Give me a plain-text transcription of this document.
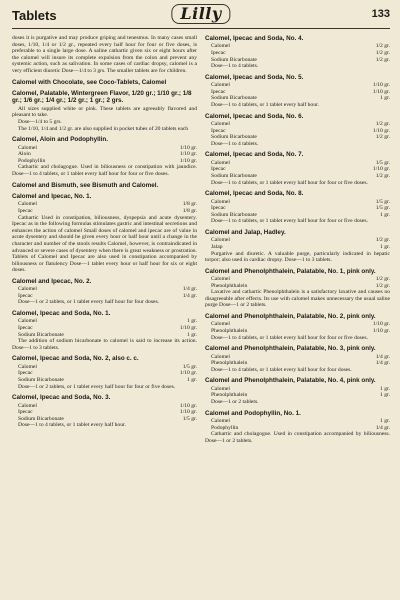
Tablets	Lilly	133
doses it is purgative and may produce griping and tenesmus. In many cases small doses, 1/10, 1/4 or 1/2 gr., repeated every half hour for four or five doses, is preferable to a single large dose. A saline cathartic given six or eight hours after the calomel will insure its complete expulsion from the colon and prevent any systemic action, such as salivation. In some cases of cardiac dropsy, calomel is a very efficient diuretic Dose—1/4 to 3 grs. The smaller tablets are for children.
Calomel with Chocolate, see Coco-Tablets, Calomel
Calomel, Palatable, Wintergreen Flavor, 1/20 gr.; 1/10 gr.; 1/8 gr.; 1/6 gr.; 1/4 gr.; 1/2 gr.; 1 gr.; 2 grs.
All sizes supplied white or pink. These tablets are agreeably flavored and pleasant to take.
Dose—1/4 to 5 grs.
The 1/10, 1/4 and 1/2 gr. are also supplied in pocket tubes of 20 tablets each
Calomel, Aloin and Podophyllin.
Calomel	1/10 gr.
Aloin	1/10 gr.
Podophyllin	1/10 gr.
Cathartic and cholagogue. Used in biliousness or constipation with jaundice. Dose—1 to 4 tablets, or 1 tablet every half hour for four or five doses.
Calomel and Bismuth, see Bismuth and Calomel.
Calomel and Ipecac, No. 1.
Calomel	1/8 gr.
Ipecac	1/8 gr.
Cathartic Used in constipation, biliousness, dyspepsia and acute dysentery. Ipecac as in the following formulas stimulates gastric and intestinal secretions and enhances the action of calomel Small doses of calomel and ipecac are of value in acute dysentery and should be given every hour or half hour until a change in the character and number of the stools results Calomel, however, is contraindicated in advanced or severe cases of dysentery when there is great weakness or prostration. Tablets of Calomel and Ipecac are also used in constipation accompanied by biliousness or flatulency Dose—1 tablet every hour or half hour for six or eight doses.
Calomel and Ipecac, No. 2.
Calomel	1/4 gr.
Ipecac	1/4 gr.
Dose—1 or 2 tablets, or 1 tablet every half hour for four doses.
Calomel, Ipecac and Soda, No. 1.
Calomel	1 gr.
Ipecac	1/10 gr.
Sodium Bicarbonate	1 gr.
The addition of sodium bicarbonate to calomel is said to increase its action. Dose—1 to 3 tablets.
Calomel, Ipecac and Soda, No. 2, also c. c.
Calomel	1/5 gr.
Ipecac	1/10 gr.
Sodium Bicarbonate	1 gr.
Dose—1 or 2 tablets, or 1 tablet every half hour for four or five doses.
Calomel, Ipecac and Soda, No. 3.
Calomel	1/10 gr.
Ipecac	1/10 gr.
Sodium Bicarbonate	1/5 gr.
Dose—1 to 4 tablets, or 1 tablet every half hour.
Calomel, Ipecac and Soda, No. 4.
Calomel	1/2 gr.
Ipecac	1/2 gr.
Sodium Bicarbonate	1/2 gr.
Dose—1 to 4 tablets.
Calomel, Ipecac and Soda, No. 5.
Calomel	1/10 gr.
Ipecac	1/10 gr.
Sodium Bicarbonate	1 gr.
Dose—1 to 4 tablets, or 1 tablet every half hour.
Calomel, Ipecac and Soda, No. 6.
Calomel	1/2 gr.
Ipecac	1/10 gr.
Sodium Bicarbonate	1/2 gr.
Dose—1 to 4 tablets.
Calomel, Ipecac and Soda, No. 7.
Calomel	1/5 gr.
Ipecac	1/10 gr.
Sodium Bicarbonate	1/2 gr.
Dose—1 to 4 tablets, or 1 tablet every half hour for four or five doses.
Calomel, Ipecac and Soda, No. 8.
Calomel	1/5 gr.
Ipecac	1/5 gr.
Sodium Bicarbonate	1 gr.
Dose—1 to 4 tablets, or 1 tablet every half hour for four or five doses.
Calomel and Jalap, Hadley.
Calomel	1/2 gr.
Jalap	1 gr.
Purgative and diuretic. A valuable purge, particularly indicated in hepatic torpor; also used in cardiac dropsy. Dose—1 to 3 tablets.
Calomel and Phenolphthalein, Palatable, No. 1, pink only.
Calomel	1/2 gr.
Phenolphthalein	1/2 gr.
Laxative and cathartic Phenolphthalein is a satisfactory laxative and causes no disagreeable after effects. Its use with calomel makes unnecessary the usual saline purge Dose—1 or 2 tablets.
Calomel and Phenolphthalein, Palatable, No. 2, pink only.
Calomel	1/10 gr.
Phenolphthalein	1/10 gr.
Dose—1 to 4 tablets, or 1 tablet every half hour for four or five doses.
Calomel and Phenolphthalein, Palatable, No. 3, pink only.
Calomel	1/4 gr.
Phenolphthalein	1/4 gr.
Dose—1 to 4 tablets, or 1 tablet every half hour for four doses.
Calomel and Phenolphthalein, Palatable, No. 4, pink only.
Calomel	1 gr.
Phenolphthalein	1 gr.
Dose—1 or 2 tablets.
Calomel and Podophyllin, No. 1.
Calomel	1 gr.
Podophyllin	1/4 gr.
Cathartic and cholagogue. Used in constipation accompanied by biliousness. Dose—1 or 2 tablets.
